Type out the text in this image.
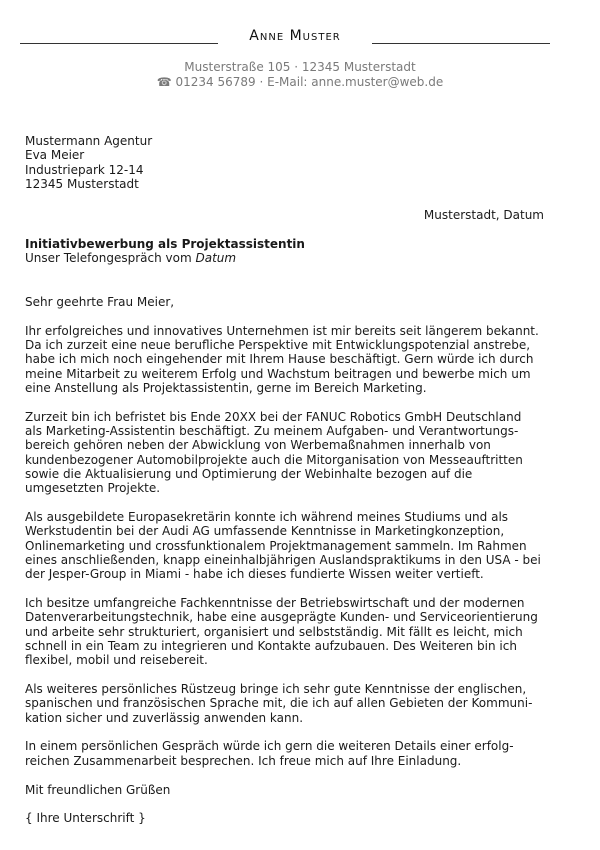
Anne Muster
Musterstraße 105 · 12345 Musterstadt
☎ 01234 56789 · E-Mail: anne.muster@web.de
Mustermann Agentur
Eva Meier
Industriepark 12-14
12345 Musterstadt
Musterstadt, Datum
Initiativbewerbung als Projektassistentin
Unser Telefongespräch vom Datum
Sehr geehrte Frau Meier,
Ihr erfolgreiches und innovatives Unternehmen ist mir bereits seit längerem bekannt.
Da ich zurzeit eine neue berufliche Perspektive mit Entwicklungspotenzial anstrebe,
habe ich mich noch eingehender mit Ihrem Hause beschäftigt. Gern würde ich durch
meine Mitarbeit zu weiterem Erfolg und Wachstum beitragen und bewerbe mich um
eine Anstellung als Projektassistentin, gerne im Bereich Marketing.
Zurzeit bin ich befristet bis Ende 20XX bei der FANUC Robotics GmbH Deutschland
als Marketing-Assistentin beschäftigt. Zu meinem Aufgaben- und Verantwortungs-
bereich gehören neben der Abwicklung von Werbemaßnahmen innerhalb von
kundenbezogener Automobilprojekte auch die Mitorganisation von Messeauftritten
sowie die Aktualisierung und Optimierung der Webinhalte bezogen auf die
umgesetzten Projekte.
Als ausgebildete Europasekretärin konnte ich während meines Studiums und als
Werkstudentin bei der Audi AG umfassende Kenntnisse in Marketingkonzeption,
Onlinemarketing und crossfunktionalem Projektmanagement sammeln. Im Rahmen
eines anschließenden, knapp eineinhalbjährigen Auslandspraktikums in den USA - bei
der Jesper-Group in Miami - habe ich dieses fundierte Wissen weiter vertieft.
Ich besitze umfangreiche Fachkenntnisse der Betriebswirtschaft und der modernen
Datenverarbeitungstechnik, habe eine ausgeprägte Kunden- und Serviceorientierung
und arbeite sehr strukturiert, organisiert und selbstständig. Mit fällt es leicht, mich
schnell in ein Team zu integrieren und Kontakte aufzubauen. Des Weiteren bin ich
flexibel, mobil und reisebereit.
Als weiteres persönliches Rüstzeug bringe ich sehr gute Kenntnisse der englischen,
spanischen und französischen Sprache mit, die ich auf allen Gebieten der Kommuni-
kation sicher und zuverlässig anwenden kann.
In einem persönlichen Gespräch würde ich gern die weiteren Details einer erfolg-
reichen Zusammenarbeit besprechen. Ich freue mich auf Ihre Einladung.
Mit freundlichen Grüßen
{ Ihre Unterschrift }
